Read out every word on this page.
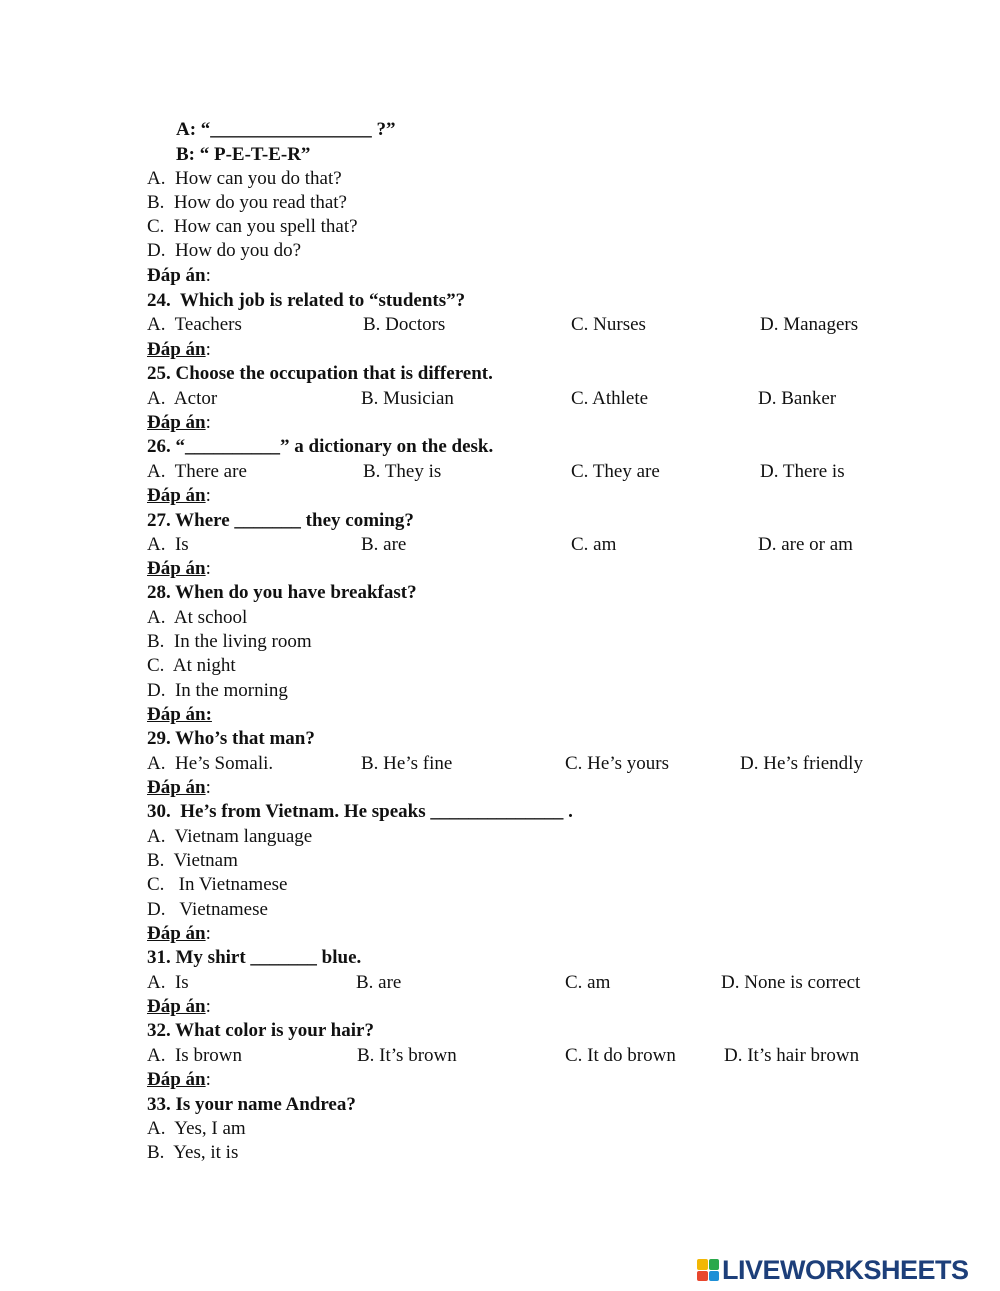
A: “_________________ ?”
B: “ P-E-T-E-R”
A.  How can you do that?
B.  How do you read that?
C.  How can you spell that?
D.  How do you do?
Đáp án:
24.  Which job is related to “students”?
A.  Teachers	B. Doctors	C. Nurses	D. Managers
Đáp án:
25. Choose the occupation that is different.
A.  Actor	B. Musician	C. Athlete	D. Banker
Đáp án:
26. “__________” a dictionary on the desk.
A.  There are	B. They is	C. They are	D. There is
Đáp án:
27. Where _______ they coming?
A.  Is	B. are	C. am	D. are or am
Đáp án:
28. When do you have breakfast?
A.  At school
B.  In the living room
C.  At night
D.  In the morning
Đáp án:
29. Who’s that man?
A.  He’s Somali.	B. He’s fine	C. He’s yours	D. He’s friendly
Đáp án:
30.  He’s from Vietnam. He speaks ______________ .
A.  Vietnam language
B.  Vietnam
C.   In Vietnamese
D.   Vietnamese
Đáp án:
31. My shirt _______ blue.
A.  Is	B. are	C. am	D. None is correct
Đáp án:
32. What color is your hair?
A.  Is brown	B. It’s brown	C. It do brown	D. It’s hair brown
Đáp án:
33. Is your name Andrea?
A.  Yes, I am
B.  Yes, it is
LIVEWORKSHEETS
